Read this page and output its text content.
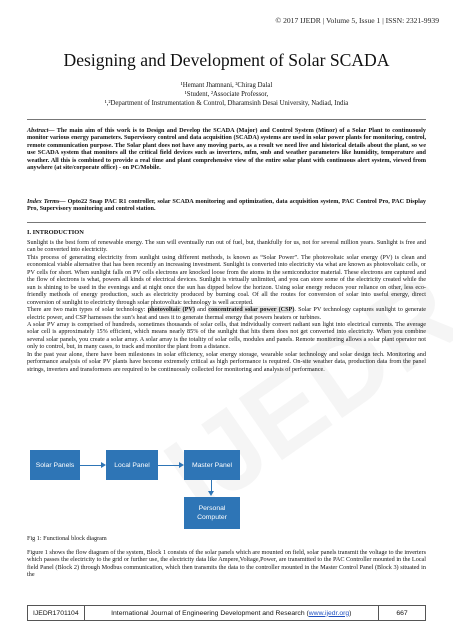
© 2017 IJEDR | Volume 5, Issue 1 | ISSN: 2321-9939
Designing and Development of Solar SCADA
¹Hemant Jhamnani, ²Chirag Dalal
¹Student, ²Associate Professor,
¹,²Department of Instrumentation & Control, Dharamsinh Desai University, Nadiad, India

Abstract— The main aim of this work is to Design and Develop the SCADA (Major) and Control System (Minor) of a Solar Plant to continuously monitor various energy parameters. Supervisory control and data acquisition (SCADA) systems are used in solar power plants for monitoring, control, remote communication purpose. The Solar plant does not have any moving parts, as a result we need live and historical details about the plant, so we use SCADA system that monitors all the critical field devices such as inverters, mfm, smb and weather parameters like humidity, temperature and weather. All this is combined to provide a real time and plant comprehensive view of the entire solar plant with continuous alert system, viewed from anywhere (at site/corporate office) - on PC/Mobile.

Index Terms— Opto22 Snap PAC R1 controller, solar SCADA monitoring and optimization, data acquisition system, PAC Control Pro, PAC Display Pro, Supervisory monitoring and control station.

I. INTRODUCTION

Sunlight is the best form of renewable energy. The sun will eventually run out of fuel, but, thankfully for us, not for several million years. Sunlight is free and can be converted into electricity.

This process of generating electricity from sunlight using different methods, is known as “Solar Power”. The photovoltaic solar energy (PV) is clean and economical viable alternative that has been recently an increasing investment. Sunlight is converted into electricity via what are known as photovoltaic cells, or PV cells for short. When sunlight falls on PV cells electrons are knocked loose from the atoms in the semiconductor material. These electrons are captured and the flow of electrons is what, powers all kinds of electrical devices. Sunlight is virtually unlimited, and you can store some of the electricity created while the sun is shining to be used in the evenings and at night once the sun has dipped below the horizon. Using solar energy reduces your reliance on other, less eco-friendly methods of energy production, such as electricity produced by burning coal. Of all the routes for conversion of solar into useful energy, direct conversion of sunlight to electricity through solar photovoltaic technology is well accepted.

There are two main types of solar technology: photovoltaic (PV) and concentrated solar power (CSP). Solar PV technology captures sunlight to generate electric power, and CSP harnesses the sun’s heat and uses it to generate thermal energy that powers heaters or turbines.

A solar PV array is comprised of hundreds, sometimes thousands of solar cells, that individually convert radiant sun light into electrical currents. The average solar cell is approximately 15% efficient, which means nearly 85% of the sunlight that hits them does not get converted into electricity. When you combine several solar panels, you create a solar array. A solar array is the totality of solar cells, modules and panels. Remote monitoring allows a solar plant operator not only to control, but, in many cases, to track and monitor the plant from a distance.

In the past year alone, there have been milestones in solar efficiency, solar energy storage, wearable solar technology and solar design tech. Monitoring and performance analysis of solar PV plants have become extremely critical as high performance is required. On-site weather data, production data from the panel strings, inverters and transformers are required to be continuously collected for monitoring and analysis of performance.

Solar Panels	Local Panel	Master Panel
Personal Computer
Fig 1: Functional block diagram

Figure 1 shows the flow diagram of the system, Block 1 consists of the solar panels which are mounted on field, solar panels transmit the voltage to the inverters which passes the electricity to the grid or further use, the electricity data like Ampere,Voltage,Power, are transmitted to the PAC Controller mounted in the Local field Panel (Block 2) through Modbus communication, which then transmits the data to the controller mounted in the Master Control Panel (Block 3) situated in the

IJEDR1701104	International Journal of Engineering Development and Research ( www.ijedr.org )	667
